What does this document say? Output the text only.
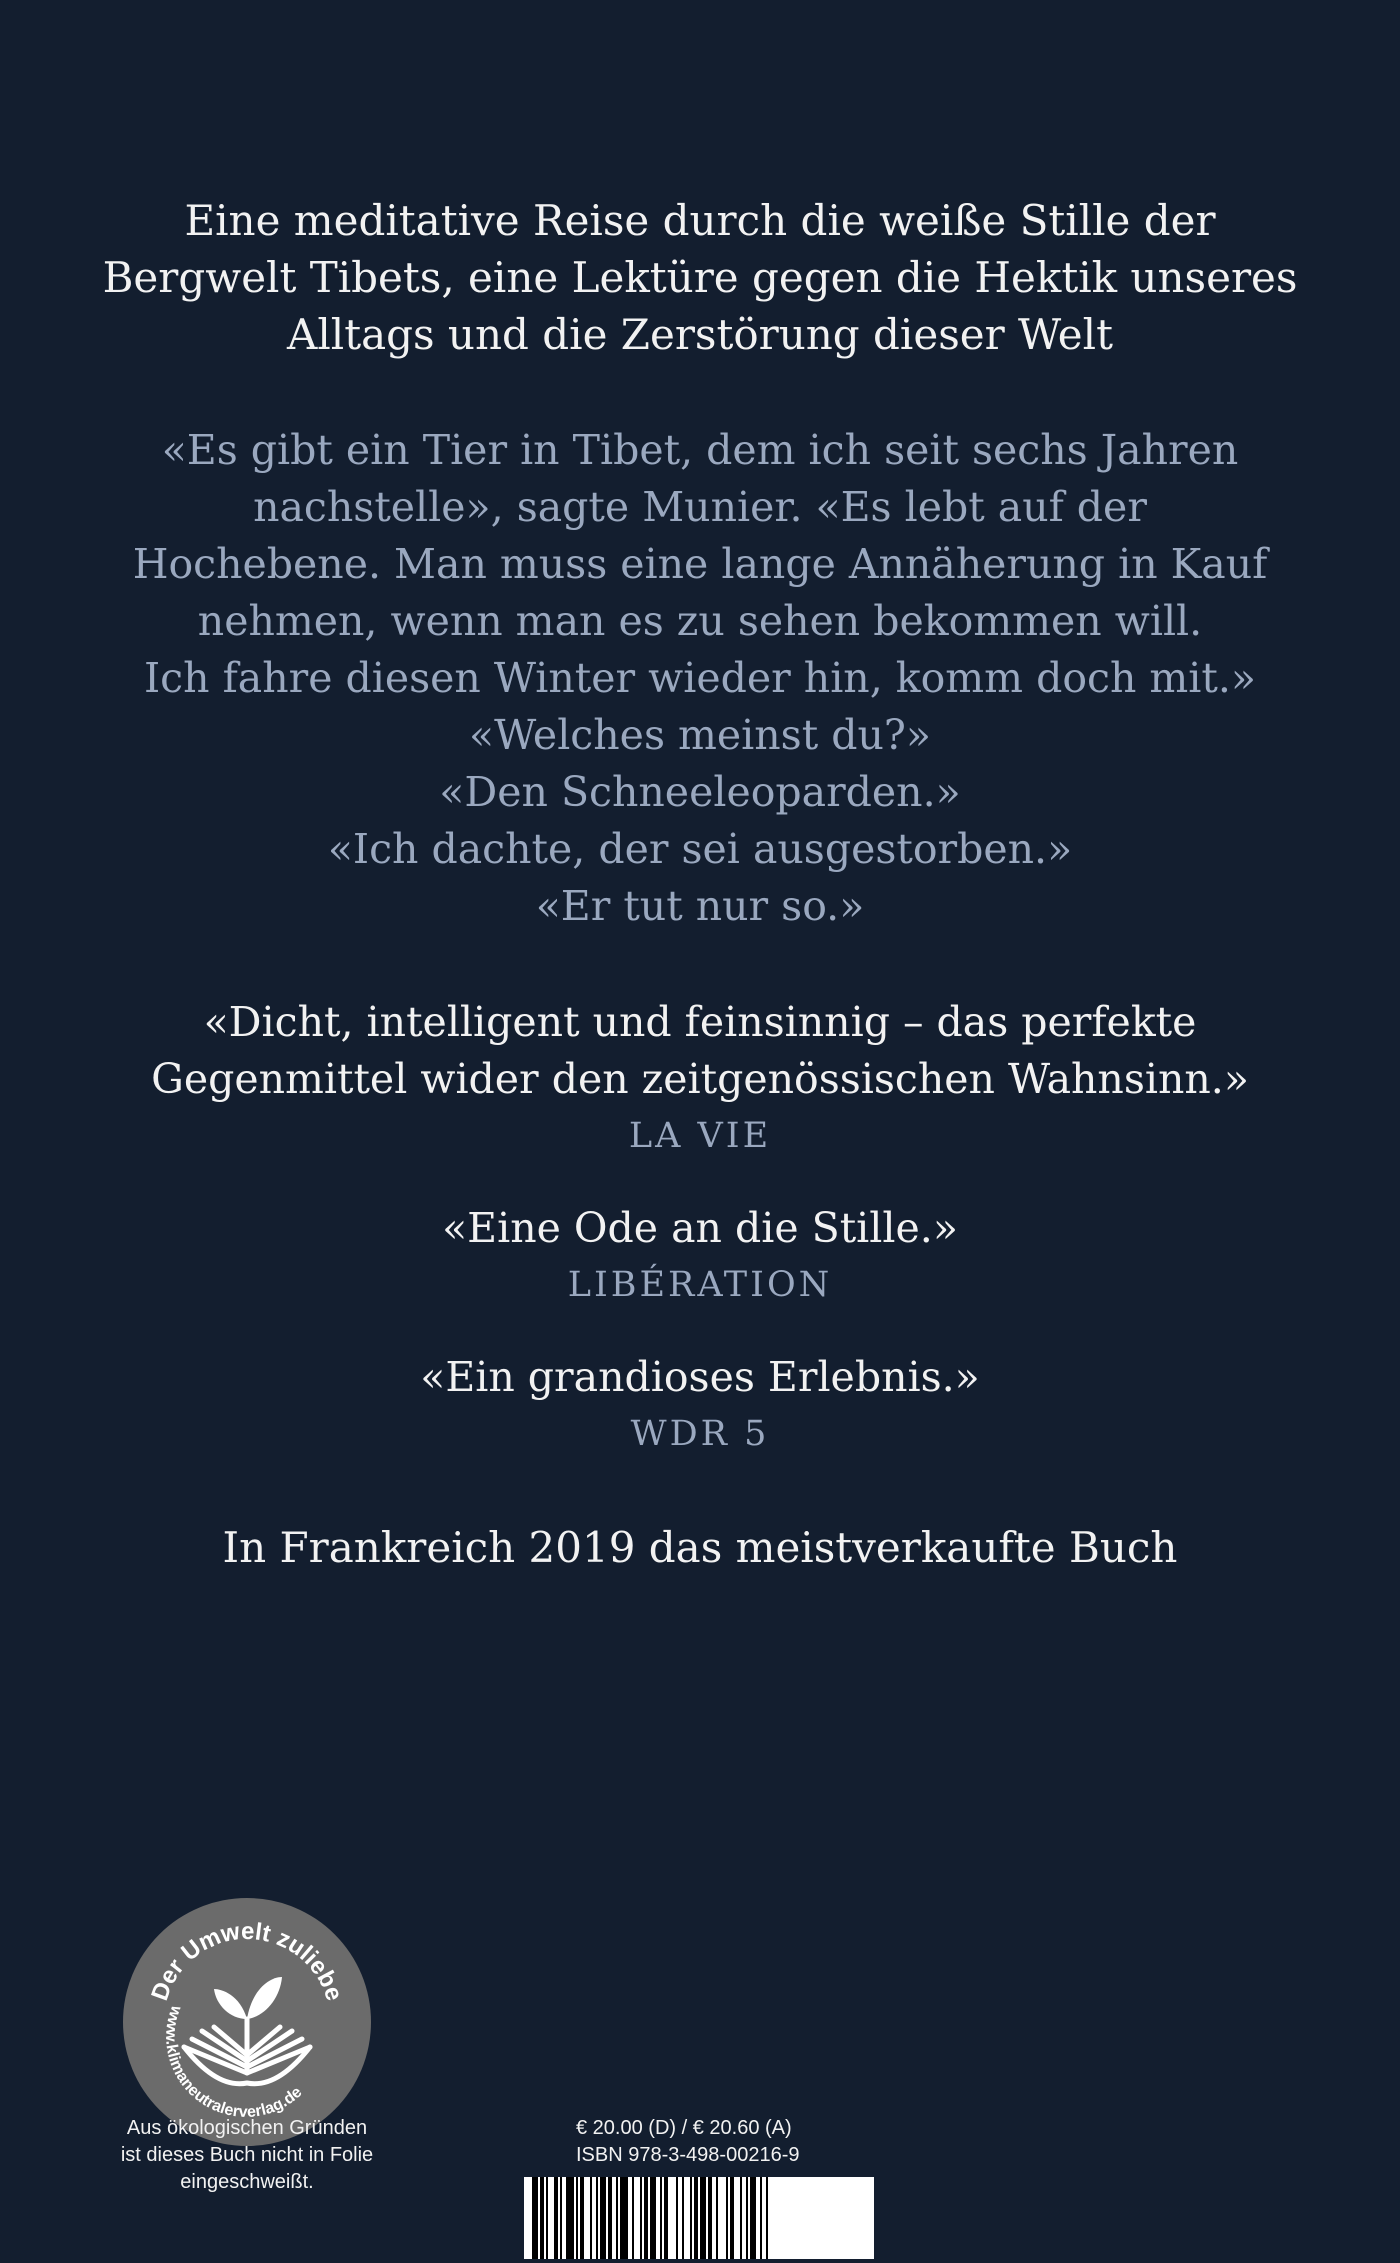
Eine meditative Reise durch die weiße Stille der
Bergwelt Tibets, eine Lektüre gegen die Hektik unseres
Alltags und die Zerstörung dieser Welt
«Es gibt ein Tier in Tibet, dem ich seit sechs Jahren
nachstelle», sagte Munier. «Es lebt auf der
Hochebene. Man muss eine lange Annäherung in Kauf
nehmen, wenn man es zu sehen bekommen will.
Ich fahre diesen Winter wieder hin, komm doch mit.»
«Welches meinst du?»
«Den Schneeleoparden.»
«Ich dachte, der sei ausgestorben.»
«Er tut nur so.»
«Dicht, intelligent und feinsinnig – das perfekte
Gegenmittel wider den zeitgenössischen Wahnsinn.»
LA VIE
«Eine Ode an die Stille.»
LIBÉRATION
«Ein grandioses Erlebnis.»
WDR 5
In Frankreich 2019 das meistverkaufte Buch
Der Umwelt zuliebe
www.klimaneutralerverlag.de
Aus ökologischen Gründen
ist dieses Buch nicht in Folie
eingeschweißt.
€ 20.00 (D) / € 20.60 (A)
ISBN 978-3-498-00216-9
